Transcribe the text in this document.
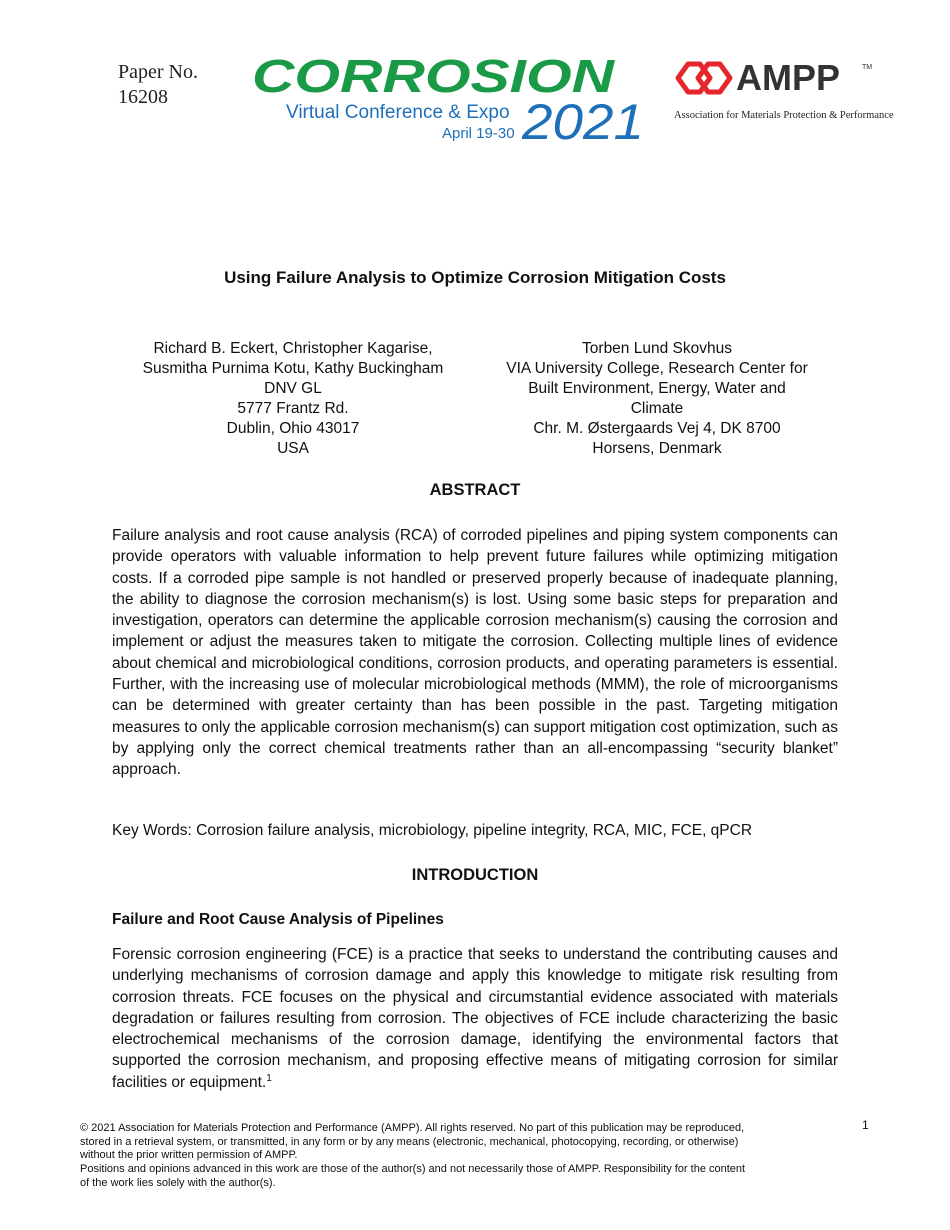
Paper No.
16208	CORROSION
Virtual Conference & Expo
April 19-30 2021
AMPP	TM
Association for Materials Protection & Performance
Using Failure Analysis to Optimize Corrosion Mitigation Costs
Richard B. Eckert, Christopher Kagarise,
Susmitha Purnima Kotu, Kathy Buckingham
DNV GL
5777 Frantz Rd.
Dublin, Ohio 43017
USA
Torben Lund Skovhus
VIA University College, Research Center for
Built Environment, Energy, Water and
Climate
Chr. M. Østergaards Vej 4, DK 8700
Horsens, Denmark
ABSTRACT
Failure analysis and root cause analysis (RCA) of corroded pipelines and piping system components can provide operators with valuable information to help prevent future failures while optimizing mitigation costs. If a corroded pipe sample is not handled or preserved properly because of inadequate planning, the ability to diagnose the corrosion mechanism(s) is lost. Using some basic steps for preparation and investigation, operators can determine the applicable corrosion mechanism(s) causing the corrosion and implement or adjust the measures taken to mitigate the corrosion. Collecting multiple lines of evidence about chemical and microbiological conditions, corrosion products, and operating parameters is essential. Further, with the increasing use of molecular microbiological methods (MMM), the role of microorganisms can be determined with greater certainty than has been possible in the past. Targeting mitigation measures to only the applicable corrosion mechanism(s) can support mitigation cost optimization, such as by applying only the correct chemical treatments rather than an all-encompassing “security blanket” approach.
Key Words: Corrosion failure analysis, microbiology, pipeline integrity, RCA, MIC, FCE, qPCR
INTRODUCTION
Failure and Root Cause Analysis of Pipelines
Forensic corrosion engineering (FCE) is a practice that seeks to understand the contributing causes and underlying mechanisms of corrosion damage and apply this knowledge to mitigate risk resulting from corrosion threats. FCE focuses on the physical and circumstantial evidence associated with materials degradation or failures resulting from corrosion. The objectives of FCE include characterizing the basic electrochemical mechanisms of the corrosion damage, identifying the environmental factors that supported the corrosion mechanism, and proposing effective means of mitigating corrosion for similar facilities or equipment.$^1$
1
© 2021 Association for Materials Protection and Performance (AMPP). All rights reserved. No part of this publication may be reproduced,
stored in a retrieval system, or transmitted, in any form or by any means (electronic, mechanical, photocopying, recording, or otherwise)
without the prior written permission of AMPP.
Positions and opinions advanced in this work are those of the author(s) and not necessarily those of AMPP. Responsibility for the content
of the work lies solely with the author(s).
